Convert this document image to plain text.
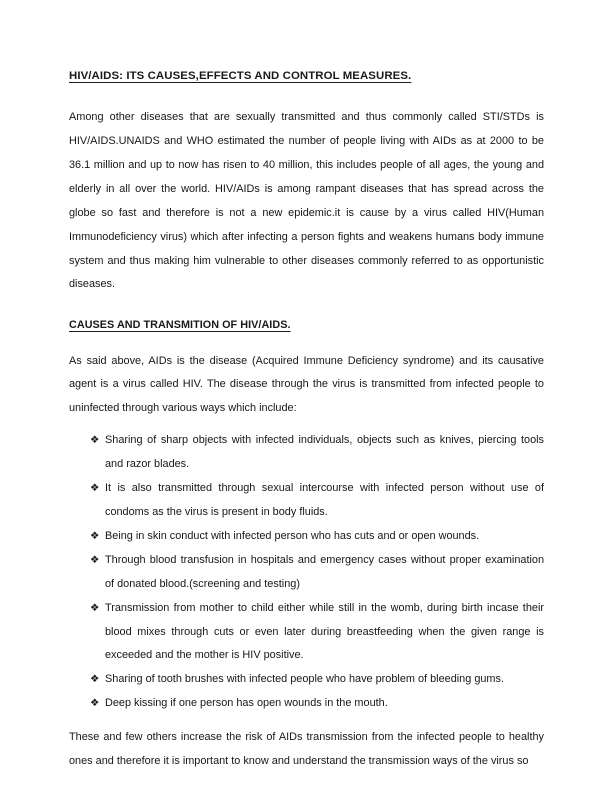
HIV/AIDS: ITS CAUSES,EFFECTS AND CONTROL MEASURES.

Among other diseases that are sexually transmitted and thus commonly called STI/STDs is HIV/AIDS.UNAIDS and WHO estimated the number of people living with AIDs as at 2000 to be 36.1 million and up to now has risen to 40 million, this includes people of all ages, the young and elderly in all over the world. HIV/AIDs is among rampant diseases that has spread across the globe so fast and therefore is not a new epidemic.it is cause by a virus called HIV(Human Immunodeficiency virus) which after infecting a person fights and weakens humans body immune system and thus making him vulnerable to other diseases commonly referred to as opportunistic diseases.

CAUSES AND TRANSMITION OF HIV/AIDS.

As said above, AIDs is the disease (Acquired Immune Deficiency syndrome) and its causative agent is a virus called HIV. The disease through the virus is transmitted from infected people to uninfected through various ways which include:

❖ Sharing of sharp objects with infected individuals, objects such as knives, piercing tools and razor blades.
❖ It is also transmitted through sexual intercourse with infected person without use of condoms as the virus is present in body fluids.
❖ Being in skin conduct with infected person who has cuts and or open wounds.
❖ Through blood transfusion in hospitals and emergency cases without proper examination of donated blood.(screening and testing)
❖ Transmission from mother to child either while still in the womb, during birth incase their blood mixes through cuts or even later during breastfeeding when the given range is exceeded and the mother is HIV positive.
❖ Sharing of tooth brushes with infected people who have problem of bleeding gums.
❖ Deep kissing if one person has open wounds in the mouth.

These and few others increase the risk of AIDs transmission from the infected people to healthy ones and therefore it is important to know and understand the transmission ways of the virus so
